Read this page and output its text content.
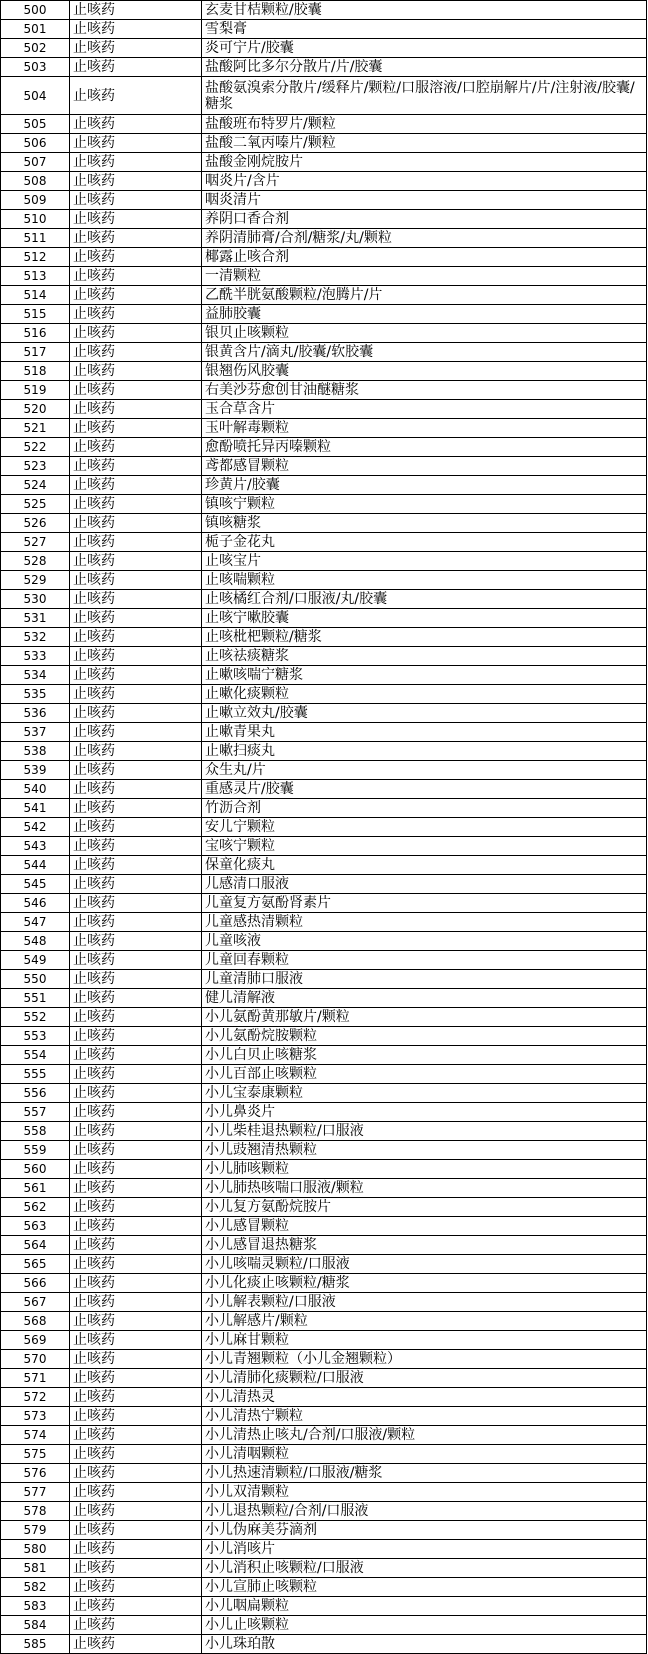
500	止咳药	玄麦甘桔颗粒/胶囊
501	止咳药	雪梨膏
502	止咳药	炎可宁片/胶囊
503	止咳药	盐酸阿比多尔分散片/片/胶囊
504	止咳药	盐酸氨溴索分散片/缓释片/颗粒/口服溶液/口腔崩解片/片/注射液/胶囊/糖浆
505	止咳药	盐酸班布特罗片/颗粒
506	止咳药	盐酸二氧丙嗪片/颗粒
507	止咳药	盐酸金刚烷胺片
508	止咳药	咽炎片/含片
509	止咳药	咽炎清片
510	止咳药	养阴口香合剂
511	止咳药	养阴清肺膏/合剂/糖浆/丸/颗粒
512	止咳药	椰露止咳合剂
513	止咳药	一清颗粒
514	止咳药	乙酰半胱氨酸颗粒/泡腾片/片
515	止咳药	益肺胶囊
516	止咳药	银贝止咳颗粒
517	止咳药	银黄含片/滴丸/胶囊/软胶囊
518	止咳药	银翘伤风胶囊
519	止咳药	右美沙芬愈创甘油醚糖浆
520	止咳药	玉合草含片
521	止咳药	玉叶解毒颗粒
522	止咳药	愈酚喷托异丙嗪颗粒
523	止咳药	鸢都感冒颗粒
524	止咳药	珍黄片/胶囊
525	止咳药	镇咳宁颗粒
526	止咳药	镇咳糖浆
527	止咳药	栀子金花丸
528	止咳药	止咳宝片
529	止咳药	止咳喘颗粒
530	止咳药	止咳橘红合剂/口服液/丸/胶囊
531	止咳药	止咳宁嗽胶囊
532	止咳药	止咳枇杷颗粒/糖浆
533	止咳药	止咳祛痰糖浆
534	止咳药	止嗽咳喘宁糖浆
535	止咳药	止嗽化痰颗粒
536	止咳药	止嗽立效丸/胶囊
537	止咳药	止嗽青果丸
538	止咳药	止嗽扫痰丸
539	止咳药	众生丸/片
540	止咳药	重感灵片/胶囊
541	止咳药	竹沥合剂
542	止咳药	安儿宁颗粒
543	止咳药	宝咳宁颗粒
544	止咳药	保童化痰丸
545	止咳药	儿感清口服液
546	止咳药	儿童复方氨酚肾素片
547	止咳药	儿童感热清颗粒
548	止咳药	儿童咳液
549	止咳药	儿童回春颗粒
550	止咳药	儿童清肺口服液
551	止咳药	健儿清解液
552	止咳药	小儿氨酚黄那敏片/颗粒
553	止咳药	小儿氨酚烷胺颗粒
554	止咳药	小儿白贝止咳糖浆
555	止咳药	小儿百部止咳颗粒
556	止咳药	小儿宝泰康颗粒
557	止咳药	小儿鼻炎片
558	止咳药	小儿柴桂退热颗粒/口服液
559	止咳药	小儿豉翘清热颗粒
560	止咳药	小儿肺咳颗粒
561	止咳药	小儿肺热咳喘口服液/颗粒
562	止咳药	小儿复方氨酚烷胺片
563	止咳药	小儿感冒颗粒
564	止咳药	小儿感冒退热糖浆
565	止咳药	小儿咳喘灵颗粒/口服液
566	止咳药	小儿化痰止咳颗粒/糖浆
567	止咳药	小儿解表颗粒/口服液
568	止咳药	小儿解感片/颗粒
569	止咳药	小儿麻甘颗粒
570	止咳药	小儿青翘颗粒（小儿金翘颗粒）
571	止咳药	小儿清肺化痰颗粒/口服液
572	止咳药	小儿清热灵
573	止咳药	小儿清热宁颗粒
574	止咳药	小儿清热止咳丸/合剂/口服液/颗粒
575	止咳药	小儿清咽颗粒
576	止咳药	小儿热速清颗粒/口服液/糖浆
577	止咳药	小儿双清颗粒
578	止咳药	小儿退热颗粒/合剂/口服液
579	止咳药	小儿伪麻美芬滴剂
580	止咳药	小儿消咳片
581	止咳药	小儿消积止咳颗粒/口服液
582	止咳药	小儿宣肺止咳颗粒
583	止咳药	小儿咽扁颗粒
584	止咳药	小儿止咳颗粒
585	止咳药	小儿珠珀散
